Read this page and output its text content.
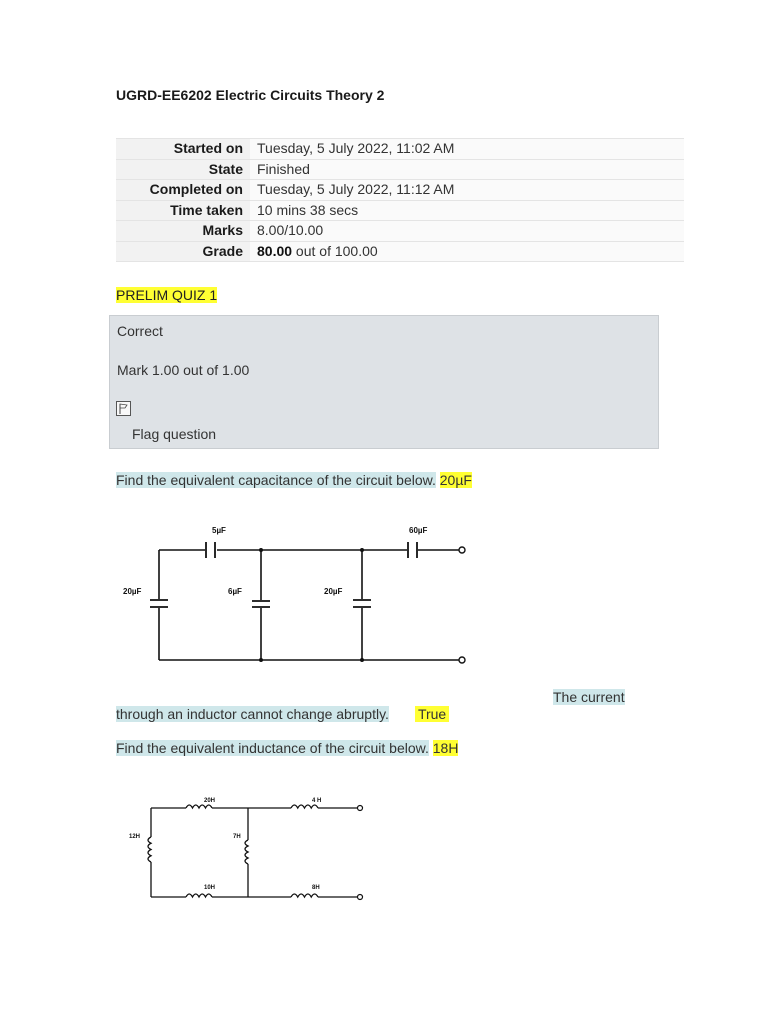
UGRD-EE6202 Electric Circuits Theory 2
Started on	Tuesday, 5 July 2022, 11:02 AM
State	Finished
Completed on	Tuesday, 5 July 2022, 11:12 AM
Time taken	10 mins 38 secs
Marks	8.00/10.00
Grade	80.00 out of 100.00
PRELIM QUIZ 1
Correct
Mark 1.00 out of 1.00
Flag question
Find the equivalent capacitance of the circuit below. 20µF
5µF	60µF
20µF	6µF	20µF
The current
through an inductor cannot change abruptly. True
Find the equivalent inductance of the circuit below. 18H
20H	4 H
12H	7H
10H	8H
